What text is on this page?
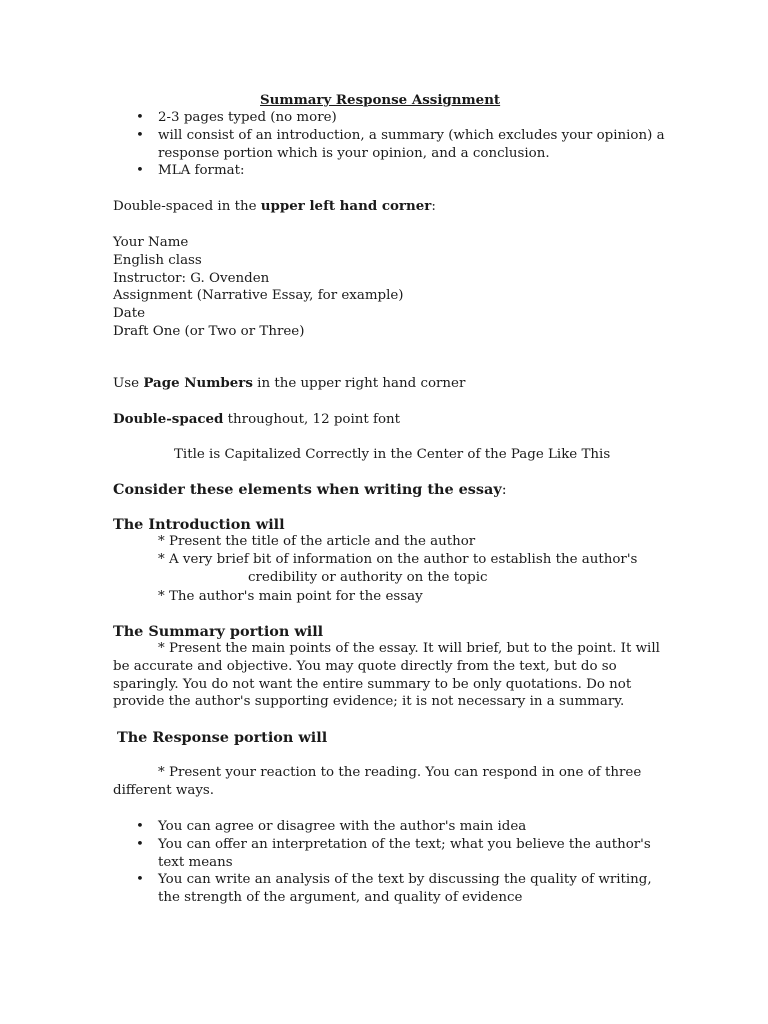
Summary Response Assignment
• 2-3 pages typed (no more)
• will consist of an introduction, a summary (which excludes your opinion) a
response portion which is your opinion, and a conclusion.
• MLA format:
Double-spaced in the upper left hand corner:
Your Name
English class
Instructor: G. Ovenden
Assignment (Narrative Essay, for example)
Date
Draft One (or Two or Three)
Use Page Numbers in the upper right hand corner
Double-spaced throughout, 12 point font
Title is Capitalized Correctly in the Center of the Page Like This
Consider these elements when writing the essay:
The Introduction will
* Present the title of the article and the author
* A very brief bit of information on the author to establish the author's
credibility or authority on the topic
* The author's main point for the essay
The Summary portion will
* Present the main points of the essay. It will brief, but to the point. It will
be accurate and objective. You may quote directly from the text, but do so
sparingly. You do not want the entire summary to be only quotations. Do not
provide the author's supporting evidence; it is not necessary in a summary.
The Response portion will
* Present your reaction to the reading. You can respond in one of three
different ways.
• You can agree or disagree with the author's main idea
• You can offer an interpretation of the text; what you believe the author's
text means
• You can write an analysis of the text by discussing the quality of writing,
the strength of the argument, and quality of evidence
